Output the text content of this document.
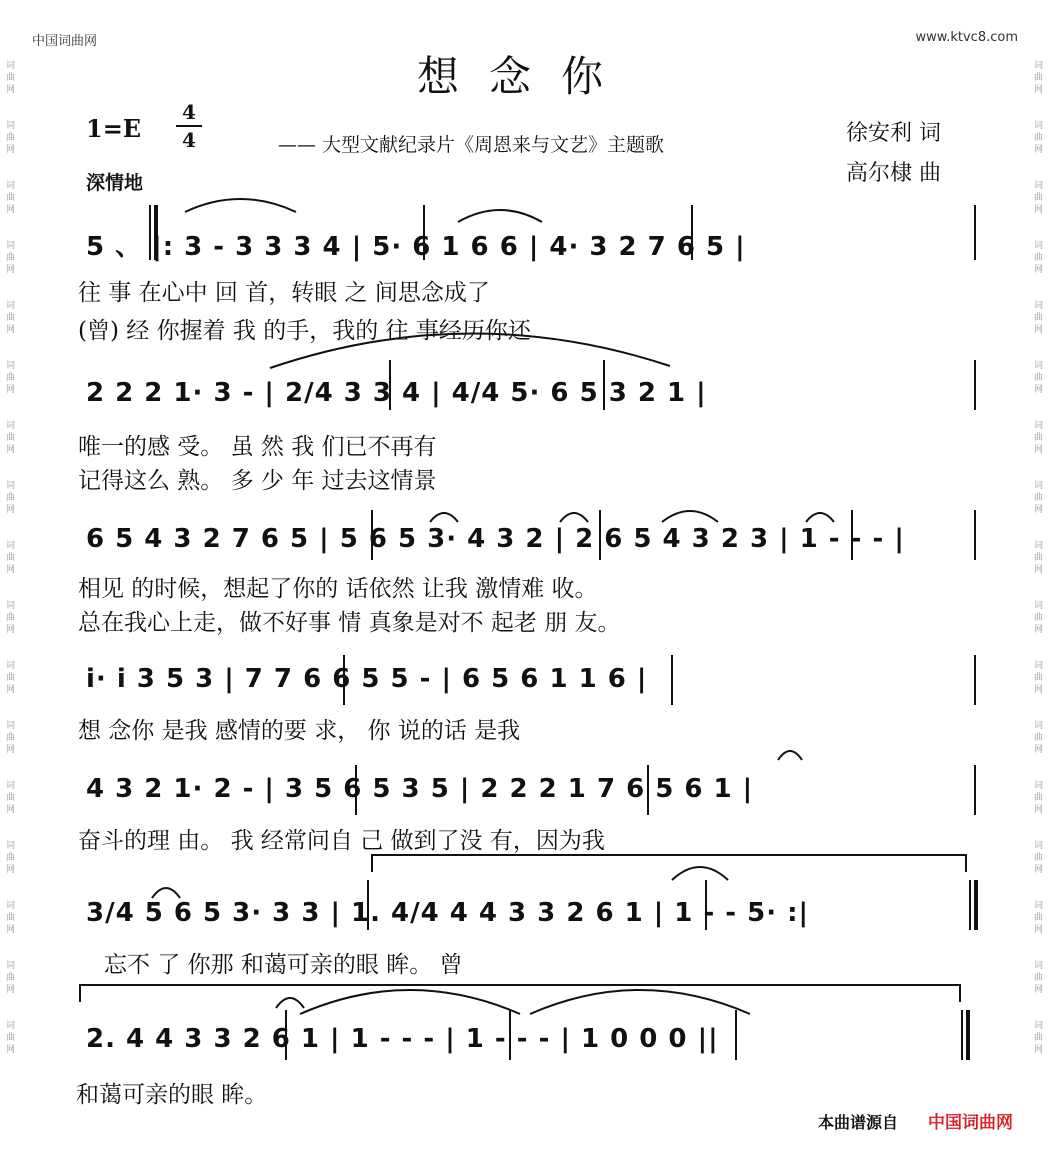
中国词曲网	www.ktvc8.com
词
曲
网

词
曲
网

词
曲
网

词
曲
网

词
曲
网

词
曲
网

词
曲
网

词
曲
网

词
曲
网

词
曲
网

词
曲
网

词
曲
网

词
曲
网

词
曲
网

词
曲
网

词
曲
网

词
曲
网

词
曲
网

词
曲
网

词
曲
网

词
曲
网

词
曲
网

词
曲
网

词
曲
网

词
曲
网

词
曲
网

词
曲
网

词
曲
网

词
曲
网

词
曲
网

词
曲
网

词
曲
网

词
曲
网

词
曲
网

想念你
1=E
4
4	—— 大型文献纪录片《周恩来与文艺》主题歌	徐安利 词
高尔棣 曲
深情地
5 、 |: 3 - 3 3 3 4 | 5· 6 1 6 6 | 4· 3 2 7 6 5 |
往 事 在心中 回 首，转眼 之 间思念成了
(曾) 经 你握着 我 的手，我的 往 事经历你还
2 2 2 1· 3 - | 2/4 3 3 4 | 4/4 5· 6 5 3 2 1 |
唯一的感 受。 虽 然 我 们已不再有
记得这么 熟。 多 少 年 过去这情景
6 5 4 3 2 7 6 5 | 5 6 5 3· 4 3 2 | 2 6 5 4 3 2 3 | 1 - - - |
相见 的时候，想起了你的 话依然 让我 激情难 收。
总在我心上走，做不好事 情 真象是对不 起老 朋 友。
i· i 3 5 3 | 7 7 6 6 5 5 - | 6 5 6 1 1 6 |
想 念你 是我 感情的要 求， 你 说的话 是我
4 3 2 1· 2 - | 3 5 6 5 3 5 | 2 2 2 1 7 6 5 6 1 |
奋斗的理 由。 我 经常问自 己 做到了没 有，因为我
3/4 5 6 5 3· 3 3 | 1. 4/4 4 4 3 3 2 6 1 | 1 - - 5· :|
忘不 了 你那 和蔼可亲的眼 眸。 曾
2. 4 4 3 3 2 6 1 | 1 - - - | 1 - - - | 1 0 0 0 ||
和蔼可亲的眼 眸。
本曲谱源自 中国词曲网
